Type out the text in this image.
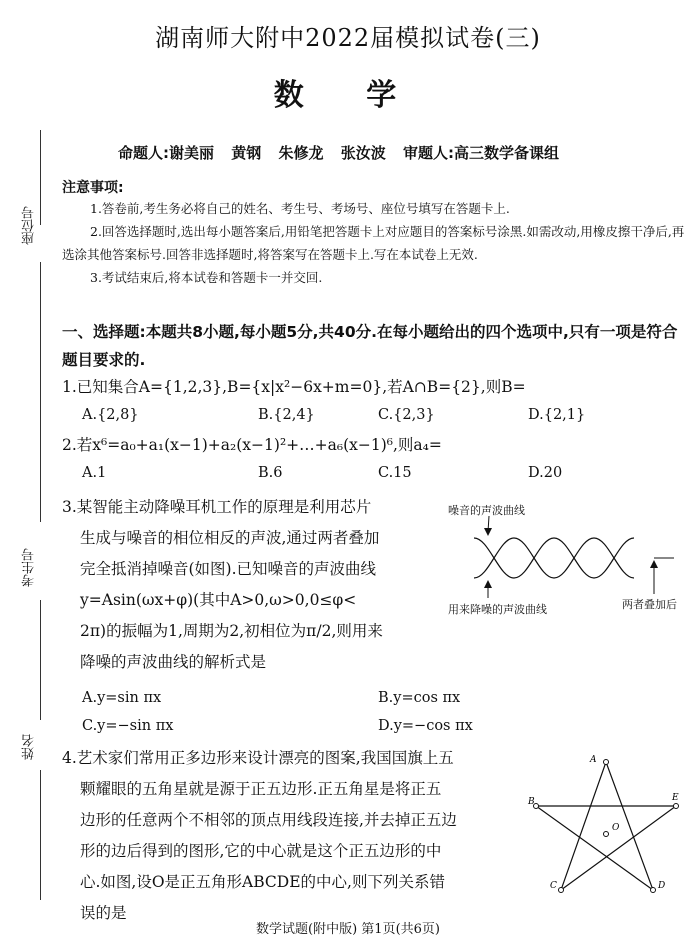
湖南师大附中2022届模拟试卷(三)
数 学
命题人:谢美丽 黄钢 朱修龙 张汝波 审题人:高三数学备课组
座位号
考生号
姓名
注意事项:

1.答卷前,考生务必将自己的姓名、考生号、考场号、座位号填写在答题卡上.

2.回答选择题时,选出每小题答案后,用铅笔把答题卡上对应题目的答案标号涂黑.如需改动,用橡皮擦干净后,再选涂其他答案标号.回答非选择题时,将答案写在答题卡上.写在本试卷上无效.

3.考试结束后,将本试卷和答题卡一并交回.

一、选择题:本题共8小题,每小题5分,共40分.在每小题给出的四个选项中,只有一项是符合题目要求的.
1.已知集合A={1,2,3},B={x|x²−6x+m=0},若A∩B={2},则B=
A.{2,8}	B.{2,4}	C.{2,3}	D.{2,1}
2.若x⁶=a₀+a₁(x−1)+a₂(x−1)²+…+a₆(x−1)⁶,则a₄=
A.1	B.6	C.15	D.20

3.某智能主动降噪耳机工作的原理是利用芯片

生成与噪音的相位相反的声波,通过两者叠加

完全抵消掉噪音(如图).已知噪音的声波曲线

y=Asin(ωx+φ)(其中A>0,ω>0,0≤φ<

2π)的振幅为1,周期为2,初相位为π/2,则用来

降噪的声波曲线的解析式是

A.y=sin πx	B.y=cos πx
C.y=−sin πx	D.y=−cos πx
噪音的声波曲线
用来降噪的声波曲线	两者叠加后

4.艺术家们常用正多边形来设计漂亮的图案,我国国旗上五

颗耀眼的五角星就是源于正五边形.正五角星是将正五

边形的任意两个不相邻的顶点用线段连接,并去掉正五边

形的边后得到的图形,它的中心就是这个正五边形的中

心.如图,设O是正五角形ABCDE的中心,则下列关系错

误的是

A
B
C	D
E
O
数学试题(附中版) 第1页(共6页)
